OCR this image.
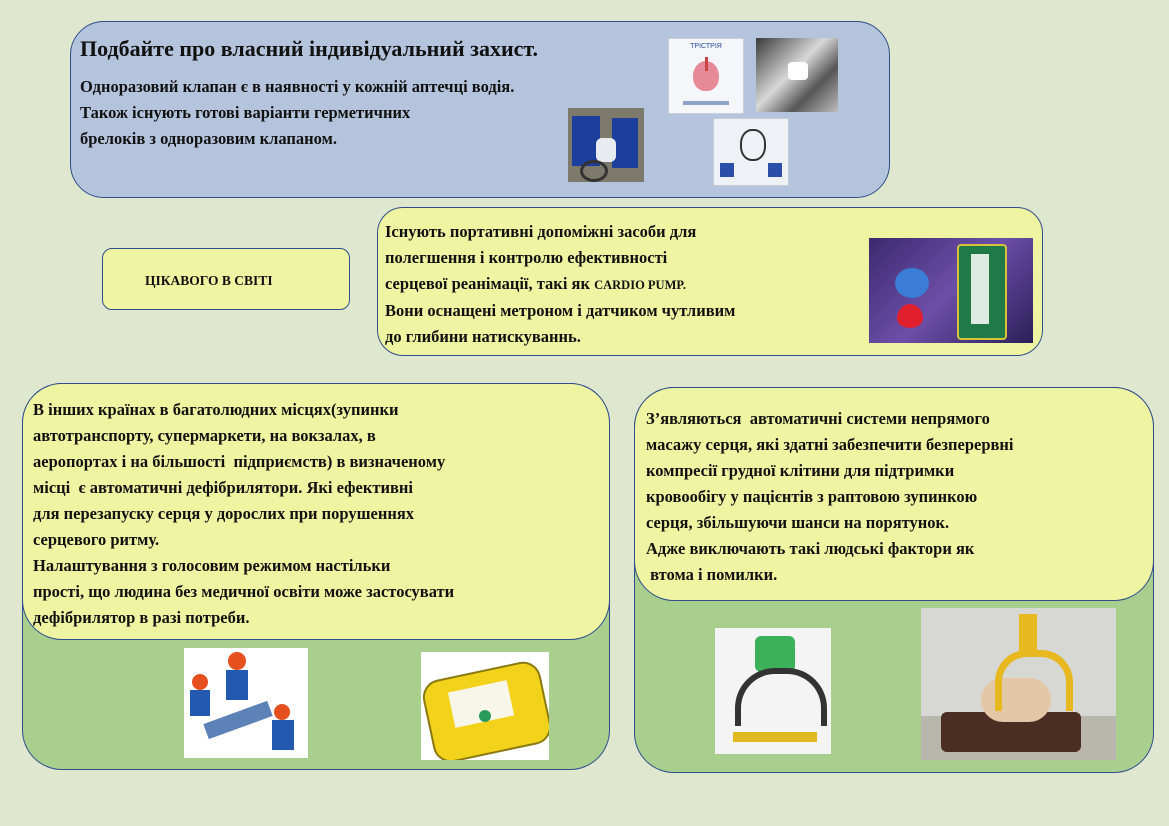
Подбайте про власний індивідуальний захист.
Одноразовий клапан є в наявності у кожній аптечці водія.
Також існують готові варіанти герметичних
брелоків з одноразовим клапаном.
ТРІСТРІЯ
Існують портативні допоміжні засоби для
полегшення і контролю ефективності
серцевої реанімації, такі як CARDIO PUMP.
Вони оснащені метроном і датчиком чутливим
до глибини натискуваннь.
ЦІКАВОГО В СВІТІ
В інших країнах в багатолюдних місцях(зупинки
автотранспорту, супермаркети, на вокзалах, в
аеропортах і на більшості  підприємств) в визначеному
місці  є автоматичні дефібрилятори. Які ефективні
для перезапуску серця у дорослих при порушеннях
серцевого ритму.
Налаштування з голосовим режимом настільки
прості, що людина без медичної освіти може застосувати
дефібрилятор в разі потреби.
З’являються  автоматичні системи непрямого
масажу серця, які здатні забезпечити безперервні
компресії грудної клітини для підтримки
кровообігу у пацієнтів з раптовою зупинкою
серця, збільшуючи шанси на порятунок.
Адже виключають такі людські фактори як
втома і помилки.
